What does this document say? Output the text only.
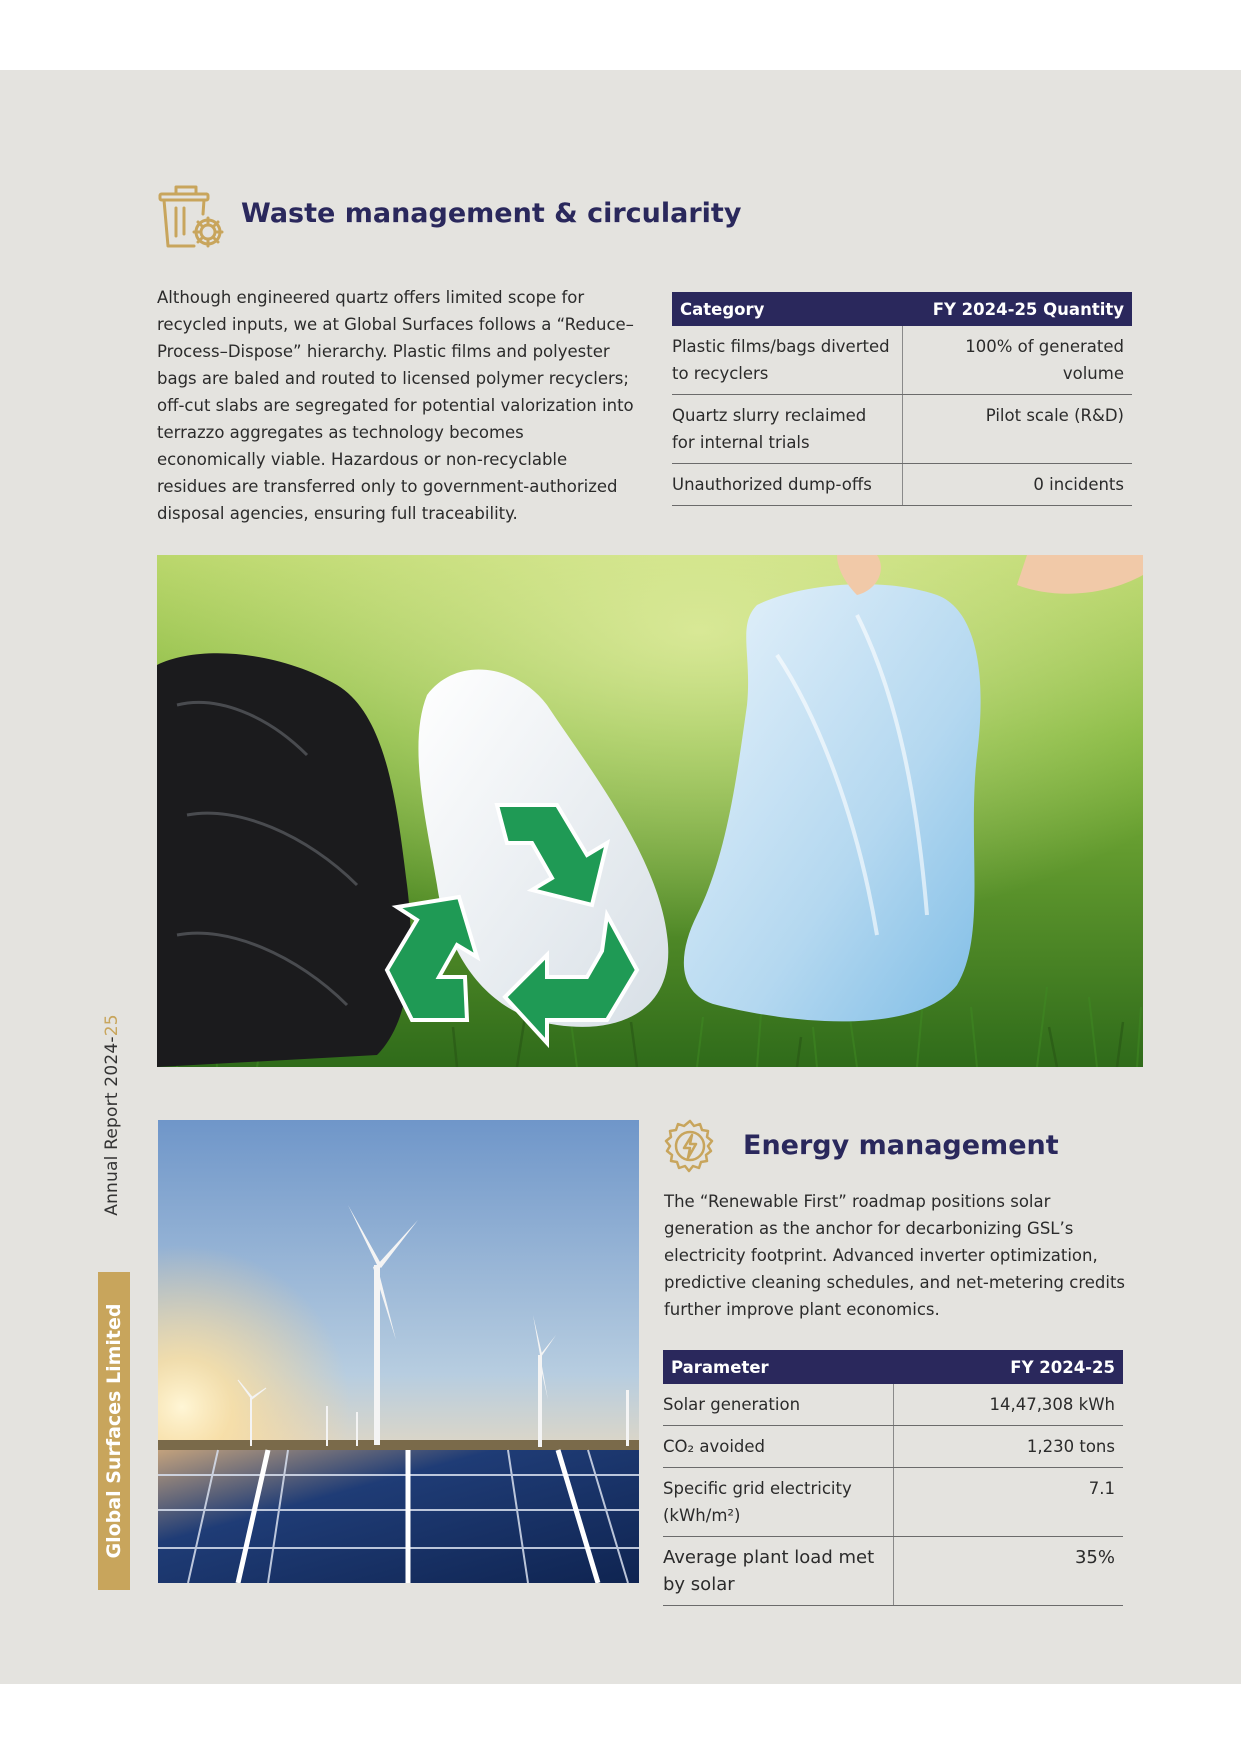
Annual Report 2024-25
Global Surfaces Limited
Waste management & circularity

Although engineered quartz offers limited scope for recycled inputs, we at Global Surfaces follows a “Reduce–Process–Dispose” hierarchy. Plastic films and polyester bags are baled and routed to licensed polymer recyclers; off-cut slabs are segregated for potential valorization into terrazzo aggregates as technology becomes economically viable. Hazardous or non-recyclable residues are transferred only to government-authorized disposal agencies, ensuring full traceability.

Category	FY 2024-25 Quantity
Plastic films/bags diverted to recyclers	100% of generated volume
Quartz slurry reclaimed for internal trials	Pilot scale (R&D)
Unauthorized dump-offs	0 incidents
Energy management

The “Renewable First” roadmap positions solar generation as the anchor for decarbonizing GSL’s electricity footprint. Advanced inverter optimization, predictive cleaning schedules, and net-metering credits further improve plant economics.

Parameter	FY 2024-25
Solar generation	14,47,308 kWh
CO₂ avoided	1,230 tons
Specific grid electricity (kWh/m²)	7.1
Average plant load met by solar	35%
